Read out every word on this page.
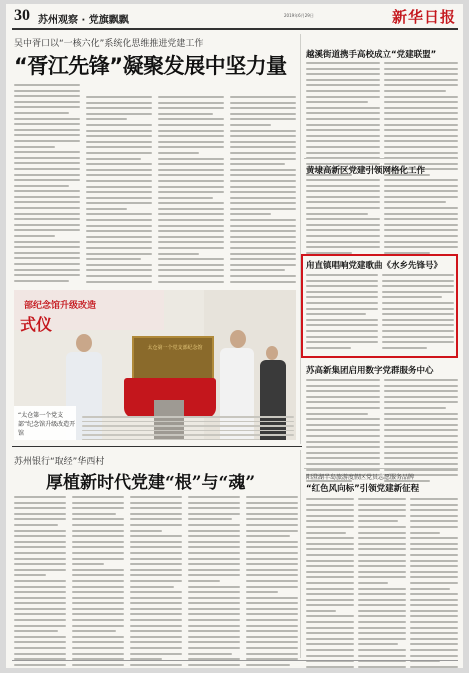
30 苏州观察 · 党旗飘飘	2019年6月29日	新华日报
吴中胥口以“一核六化”系统化思维推进党建工作
“胥江先锋”凝聚发展中坚力量 越溪街道携手高校成立“党建联盟”
黄埭高新区党建引领网格化工作
甪直镇唱响党建歌曲《水乡先锋号》
苏高新集团启用数字党群服务中心
阳澄湖半岛旅游度假区党员志愿服务品牌
“红色风向标”引领党建新征程
部纪念馆升级改造
式仪
太仓第一个党支部纪念馆
“太仓第一个党支部”纪念馆升级改造开馆
苏州银行“取经”华西村
厚植新时代党建“根”与“魂”
